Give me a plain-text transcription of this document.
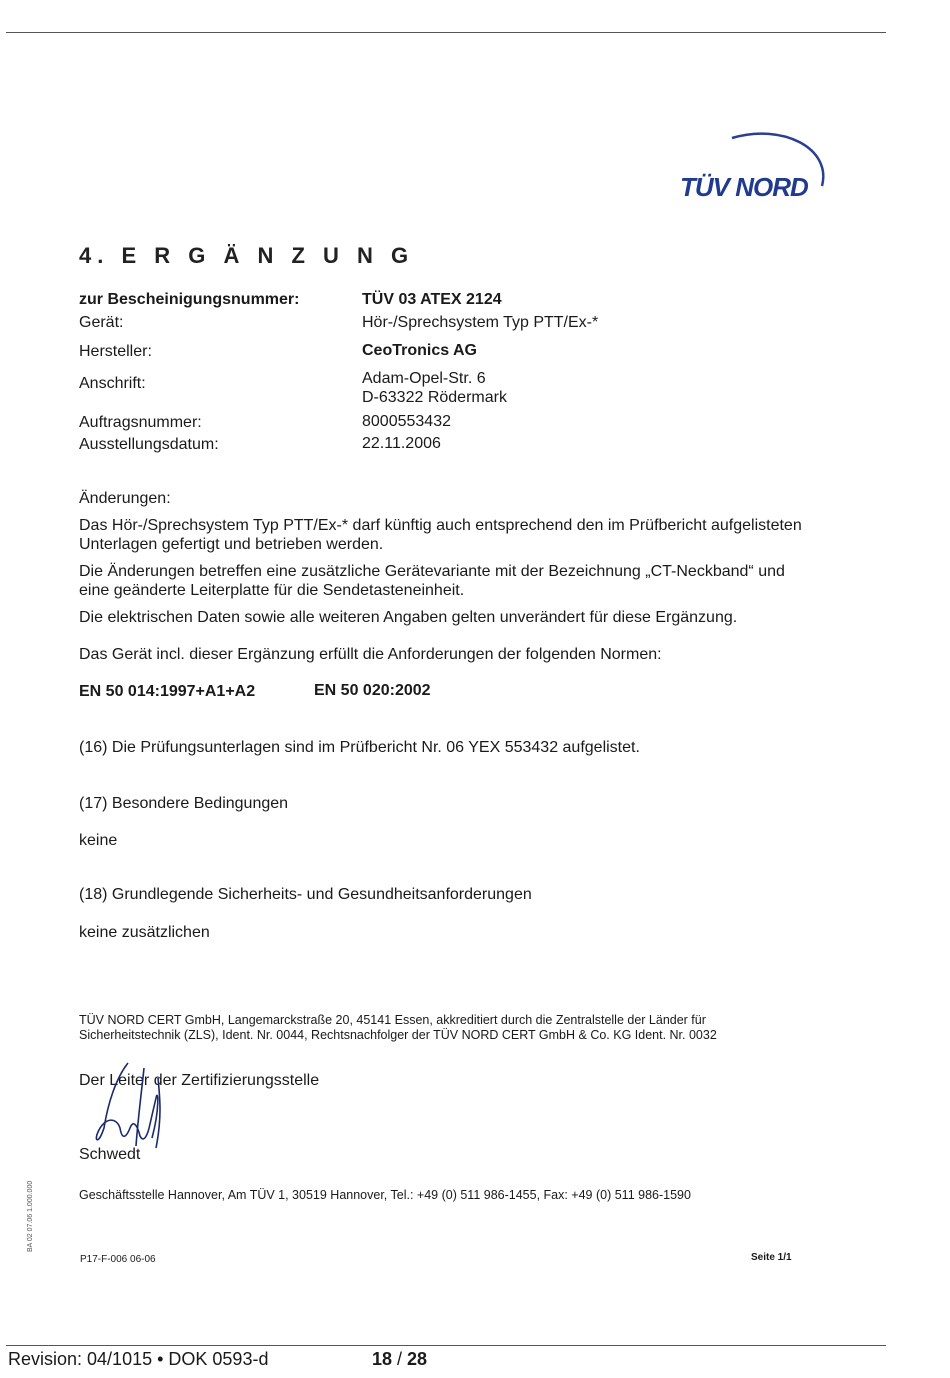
TÜV NORD
4. E R G Ä N Z U N G
zur Bescheinigungsnummer:	TÜV 03 ATEX 2124
Gerät:	Hör-/Sprechsystem Typ PTT/Ex-*
Hersteller:	CeoTronics AG
Anschrift:	Adam-Opel-Str. 6
D-63322 Rödermark
Auftragsnummer:	8000553432
Ausstellungsdatum:	22.11.2006
Änderungen:
Das Hör-/Sprechsystem Typ PTT/Ex-* darf künftig auch entsprechend den im Prüfbericht aufgelisteten Unterlagen gefertigt und betrieben werden.
Die Änderungen betreffen eine zusätzliche Gerätevariante mit der Bezeichnung „CT-Neckband“ und eine geänderte Leiterplatte für die Sendetasteneinheit.
Die elektrischen Daten sowie alle weiteren Angaben gelten unverändert für diese Ergänzung.
Das Gerät incl. dieser Ergänzung erfüllt die Anforderungen der folgenden Normen:
EN 50 014:1997+A1+A2	EN 50 020:2002
(16) Die Prüfungsunterlagen sind im Prüfbericht Nr. 06 YEX 553432 aufgelistet.
(17) Besondere Bedingungen
keine
(18) Grundlegende Sicherheits- und Gesundheitsanforderungen
keine zusätzlichen
TÜV NORD CERT GmbH, Langemarckstraße 20, 45141 Essen, akkreditiert durch die Zentralstelle der Länder für Sicherheitstechnik (ZLS), Ident. Nr. 0044, Rechtsnachfolger der TÜV NORD CERT GmbH & Co. KG Ident. Nr. 0032
Der Leiter der Zertifizierungsstelle
Schwedt
BA 02 07.06 1.000.000	Geschäftsstelle Hannover, Am TÜV 1, 30519 Hannover, Tel.: +49 (0) 511 986-1455, Fax: +49 (0) 511 986-1590
P17-F-006 06-06	Seite 1/1
Revision: 04/1015 • DOK 0593-d	18 / 28
